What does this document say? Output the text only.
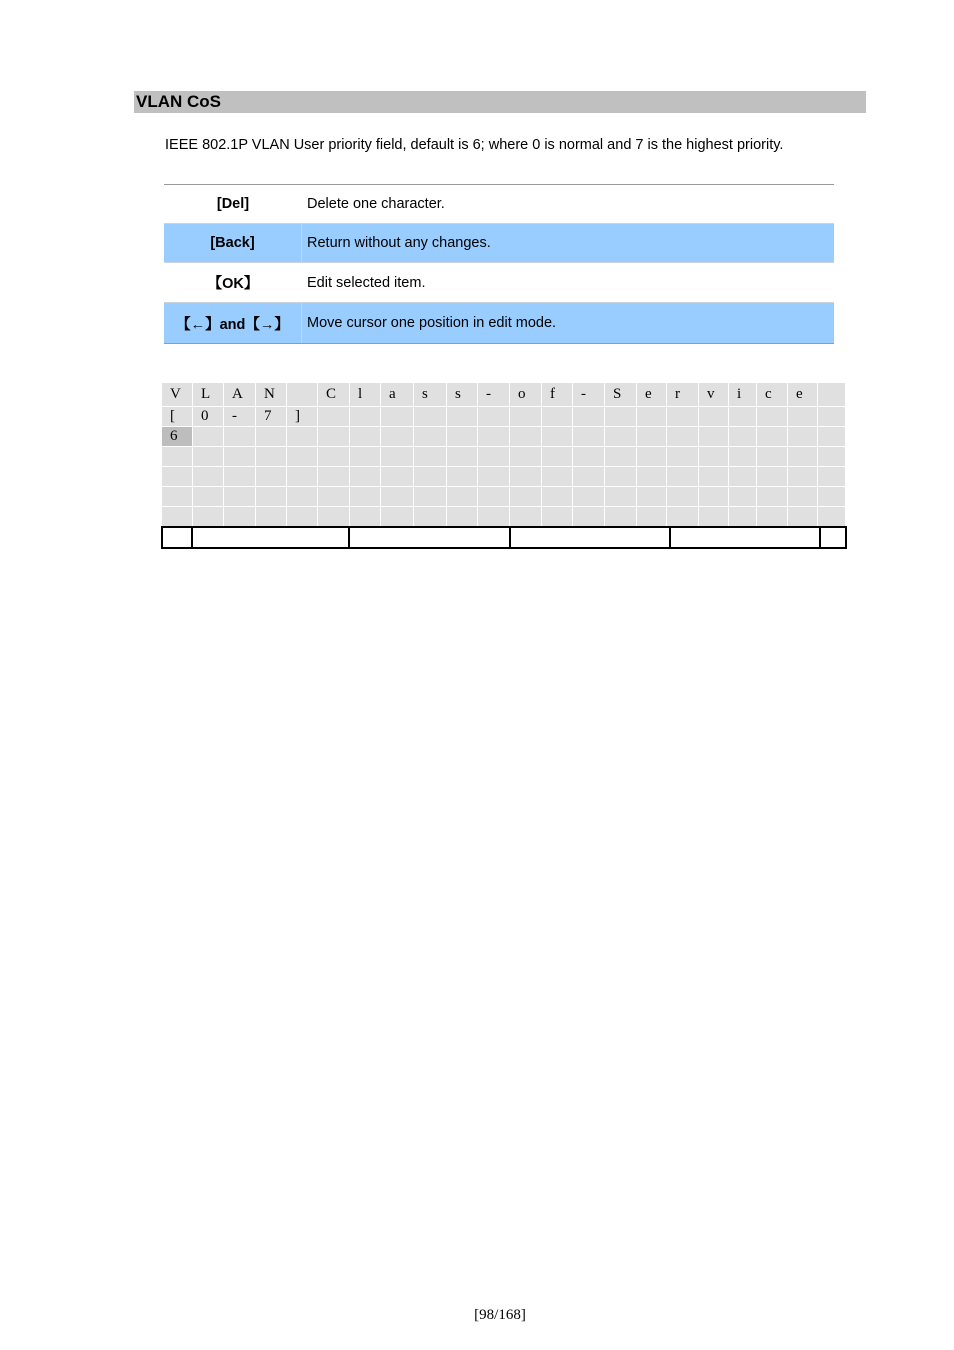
VLAN CoS
IEEE 802.1P VLAN User priority field, default is 6; where 0 is normal and 7 is the highest priority.
[Del]	Delete one character.
[Back]	Return without any changes.
【OK】	Edit selected item.
【←】and【→】	Move cursor one position in edit mode.
V	L	A	N		C	l	a	s	s	-	o	f	-	S	e	r	v	i	c	e	
[	0	-	7	]																	
6																					

[98/168]
